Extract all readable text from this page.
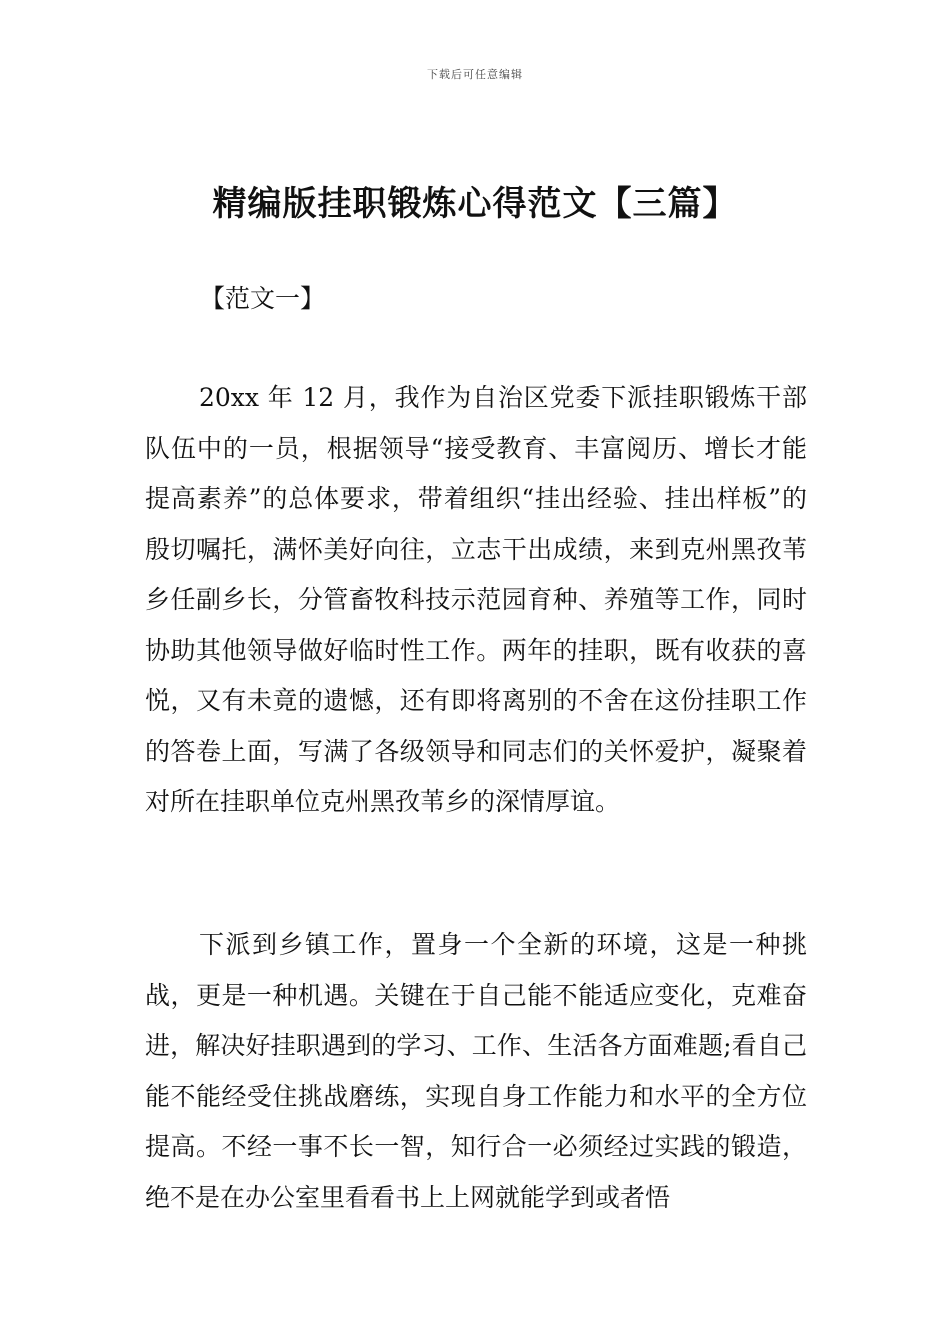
下载后可任意编辑
精编版挂职锻炼心得范文【三篇】
【范文一】

20xx 年 12 月，我作为自治区党委下派挂职锻炼干部队伍中的一员，根据领导“接受教育、丰富阅历、增长才能提高素养”的总体要求，带着组织“挂出经验、挂出样板”的殷切嘱托，满怀美好向往，立志干出成绩，来到克州黑孜苇乡任副乡长，分管畜牧科技示范园育种、养殖等工作，同时协助其他领导做好临时性工作。两年的挂职，既有收获的喜悦，又有未竟的遗憾，还有即将离别的不舍在这份挂职工作的答卷上面，写满了各级领导和同志们的关怀爱护，凝聚着对所在挂职单位克州黑孜苇乡的深情厚谊。

下派到乡镇工作，置身一个全新的环境，这是一种挑战，更是一种机遇。关键在于自己能不能适应变化，克难奋进，解决好挂职遇到的学习、工作、生活各方面难题;看自己能不能经受住挑战磨练，实现自身工作能力和水平的全方位提高。不经一事不长一智，知行合一必须经过实践的锻造，绝不是在办公室里看看书上上网就能学到或者悟
